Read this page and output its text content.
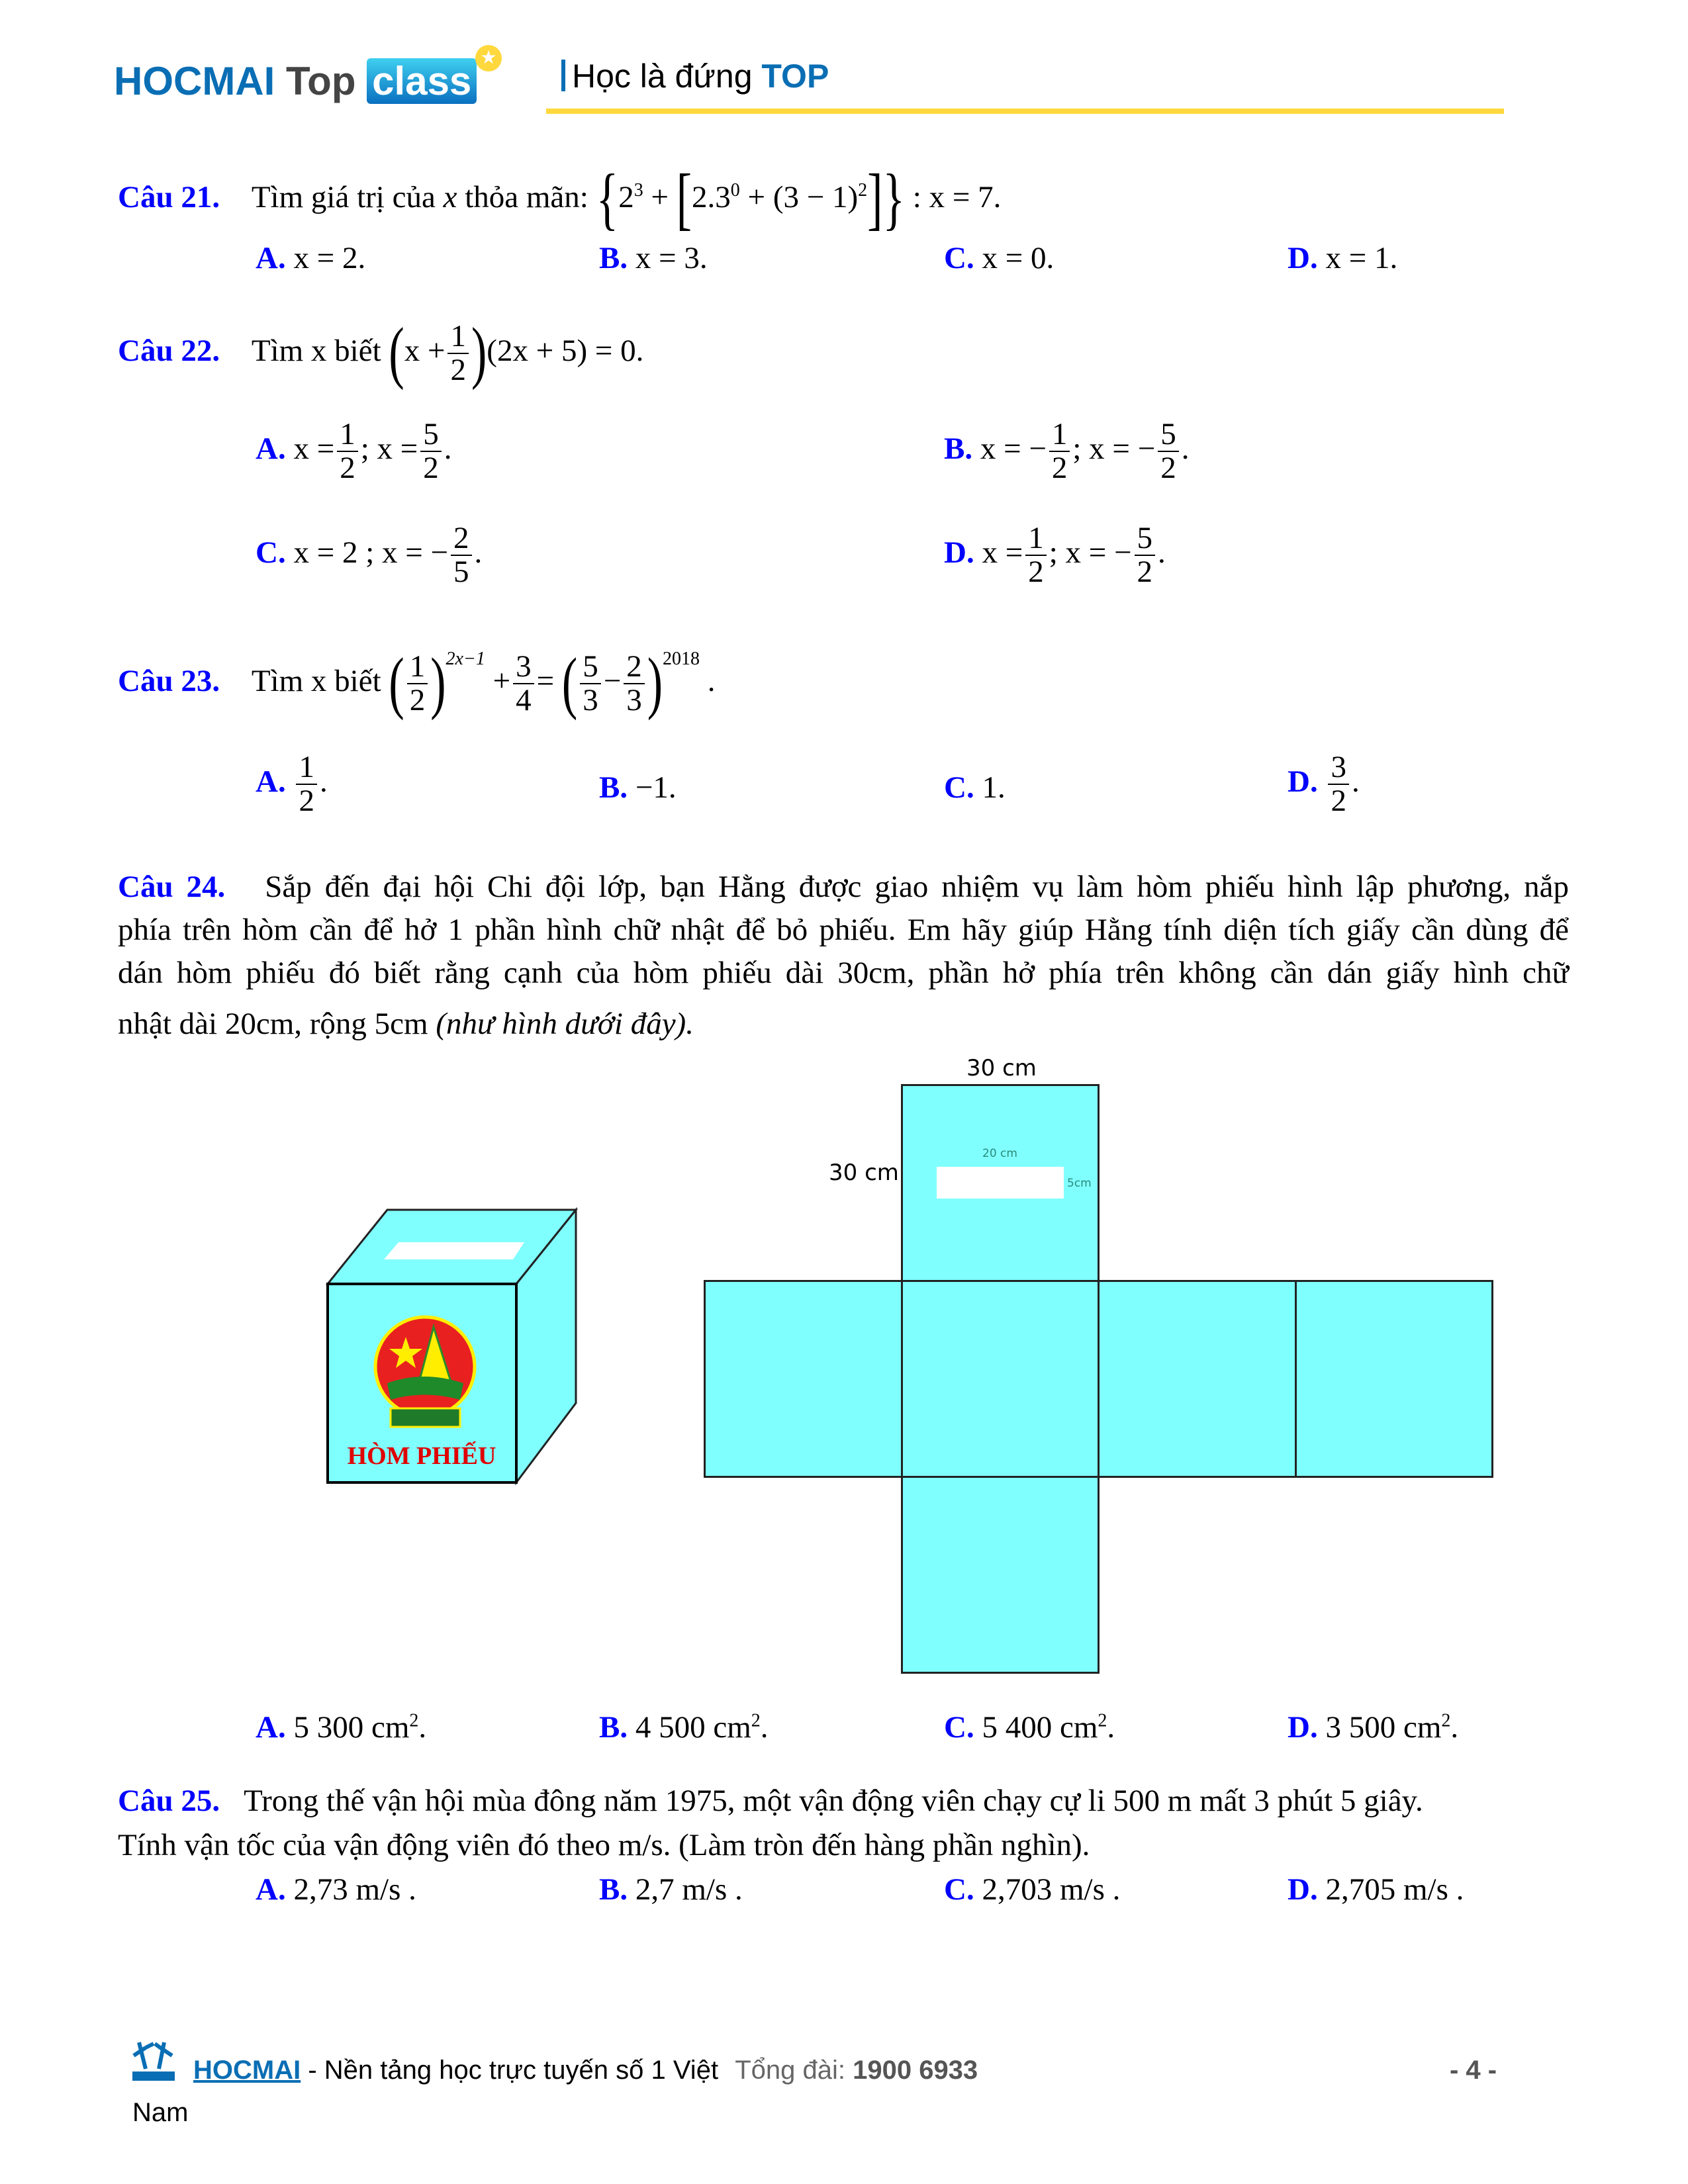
HOCMAI Top class
★	Học là đứng TOP
Câu 21. Tìm giá trị của x thỏa mãn: $\{2^3 + [2.3^0 + (3 - 1)^2]\}$ : x = 7.
A. x = 2.	B. x = 3.	C. x = 0.	D. x = 1.
Câu 22. Tìm x biết $(x + \frac{1}{2} )(2x + 5) = 0$.
A. $x = \frac{1}{2}$ ; $x = \frac{5}{2}$ .	B. x = − $\frac{1}{2}$ ; x = − $\frac{5}{2}$ .
C. x = 2 ; x = − $\frac{2}{5}$ .	D. $x = \frac{1}{2}$ ; x = − $\frac{5}{2}$ .
Câu 23. Tìm x biết ( $\frac{1}{2} )^{2x-1} + \frac{3}{4}$ = ( $\frac{5}{3} - \frac{2}{3} )^{2018}$ .
A. $\frac{1}{2}$ .	B. −1.	C. 1.	D. $\frac{3}{2}$ .
Câu 24. Sắp đến đại hội Chi đội lớp, bạn Hằng được giao nhiệm vụ làm hòm phiếu hình lập phương, nắp
phía trên hòm cần để hở 1 phần hình chữ nhật để bỏ phiếu. Em hãy giúp Hằng tính diện tích giấy cần dùng để
dán hòm phiếu đó biết rằng cạnh của hòm phiếu dài 30cm, phần hở phía trên không cần dán giấy hình chữ
nhật dài 20cm, rộng 5cm (như hình dưới đây).
HÒM PHIẾU
30 cm
30 cm
20 cm
5cm
A. 5 300 $cm^2$.	B. 4 500 $cm^2$.	C. 5 400 $cm^2$.	D. 3 500 $cm^2$.
Câu 25. Trong thế vận hội mùa đông năm 1975, một vận động viên chạy cự li 500 m mất 3 phút 5 giây.
Tính vận tốc của vận động viên đó theo m/s. (Làm tròn đến hàng phần nghìn).
A. 2,73 m/s .	B. 2,7 m/s .	C. 2,703 m/s .	D. 2,705 m/s .
HOCMAI - Nền tảng học trực tuyến số 1 Việt Tổng đài: 1900 6933
Nam
- 4 -
